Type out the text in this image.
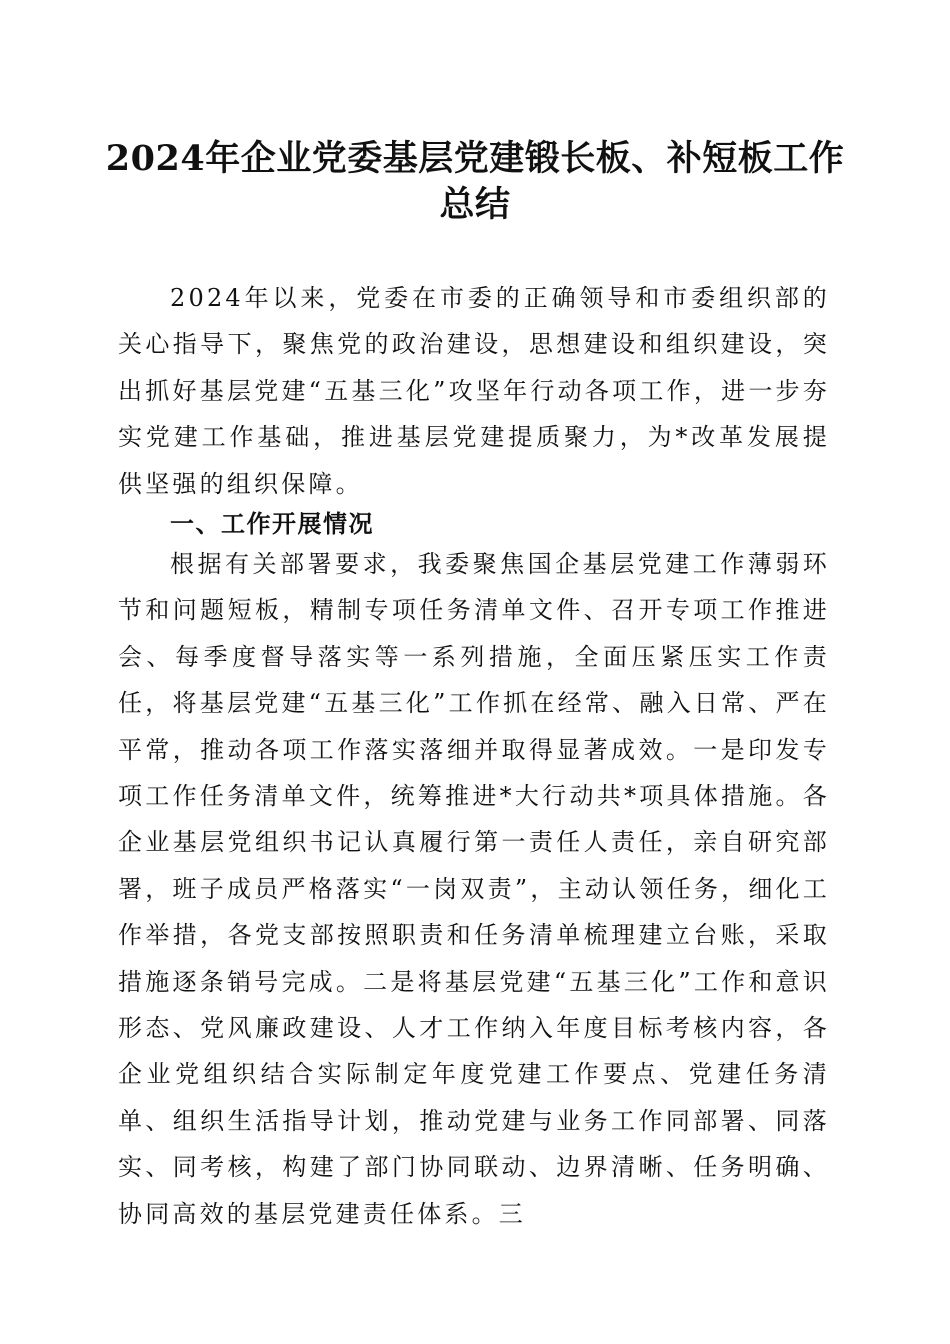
2024年企业党委基层党建锻长板、补短板工作总结

2024年以来，党委在市委的正确领导和市委组织部的关心指导下，聚焦党的政治建设，思想建设和组织建设，突出抓好基层党建“五基三化”攻坚年行动各项工作，进一步夯实党建工作基础，推进基层党建提质聚力，为*改革发展提供坚强的组织保障。

一、工作开展情况

根据有关部署要求，我委聚焦国企基层党建工作薄弱环节和问题短板，精制专项任务清单文件、召开专项工作推进会、每季度督导落实等一系列措施，全面压紧压实工作责任，将基层党建“五基三化”工作抓在经常、融入日常、严在平常，推动各项工作落实落细并取得显著成效。一是印发专项工作任务清单文件，统筹推进*大行动共*项具体措施。各企业基层党组织书记认真履行第一责任人责任，亲自研究部署，班子成员严格落实“一岗双责”，主动认领任务，细化工作举措，各党支部按照职责和任务清单梳理建立台账，采取措施逐条销号完成。二是将基层党建“五基三化”工作和意识形态、党风廉政建设、人才工作纳入年度目标考核内容，各企业党组织结合实际制定年度党建工作要点、党建任务清单、组织生活指导计划，推动党建与业务工作同部署、同落实、同考核，构建了部门协同联动、边界清晰、任务明确、协同高效的基层党建责任体系。三
